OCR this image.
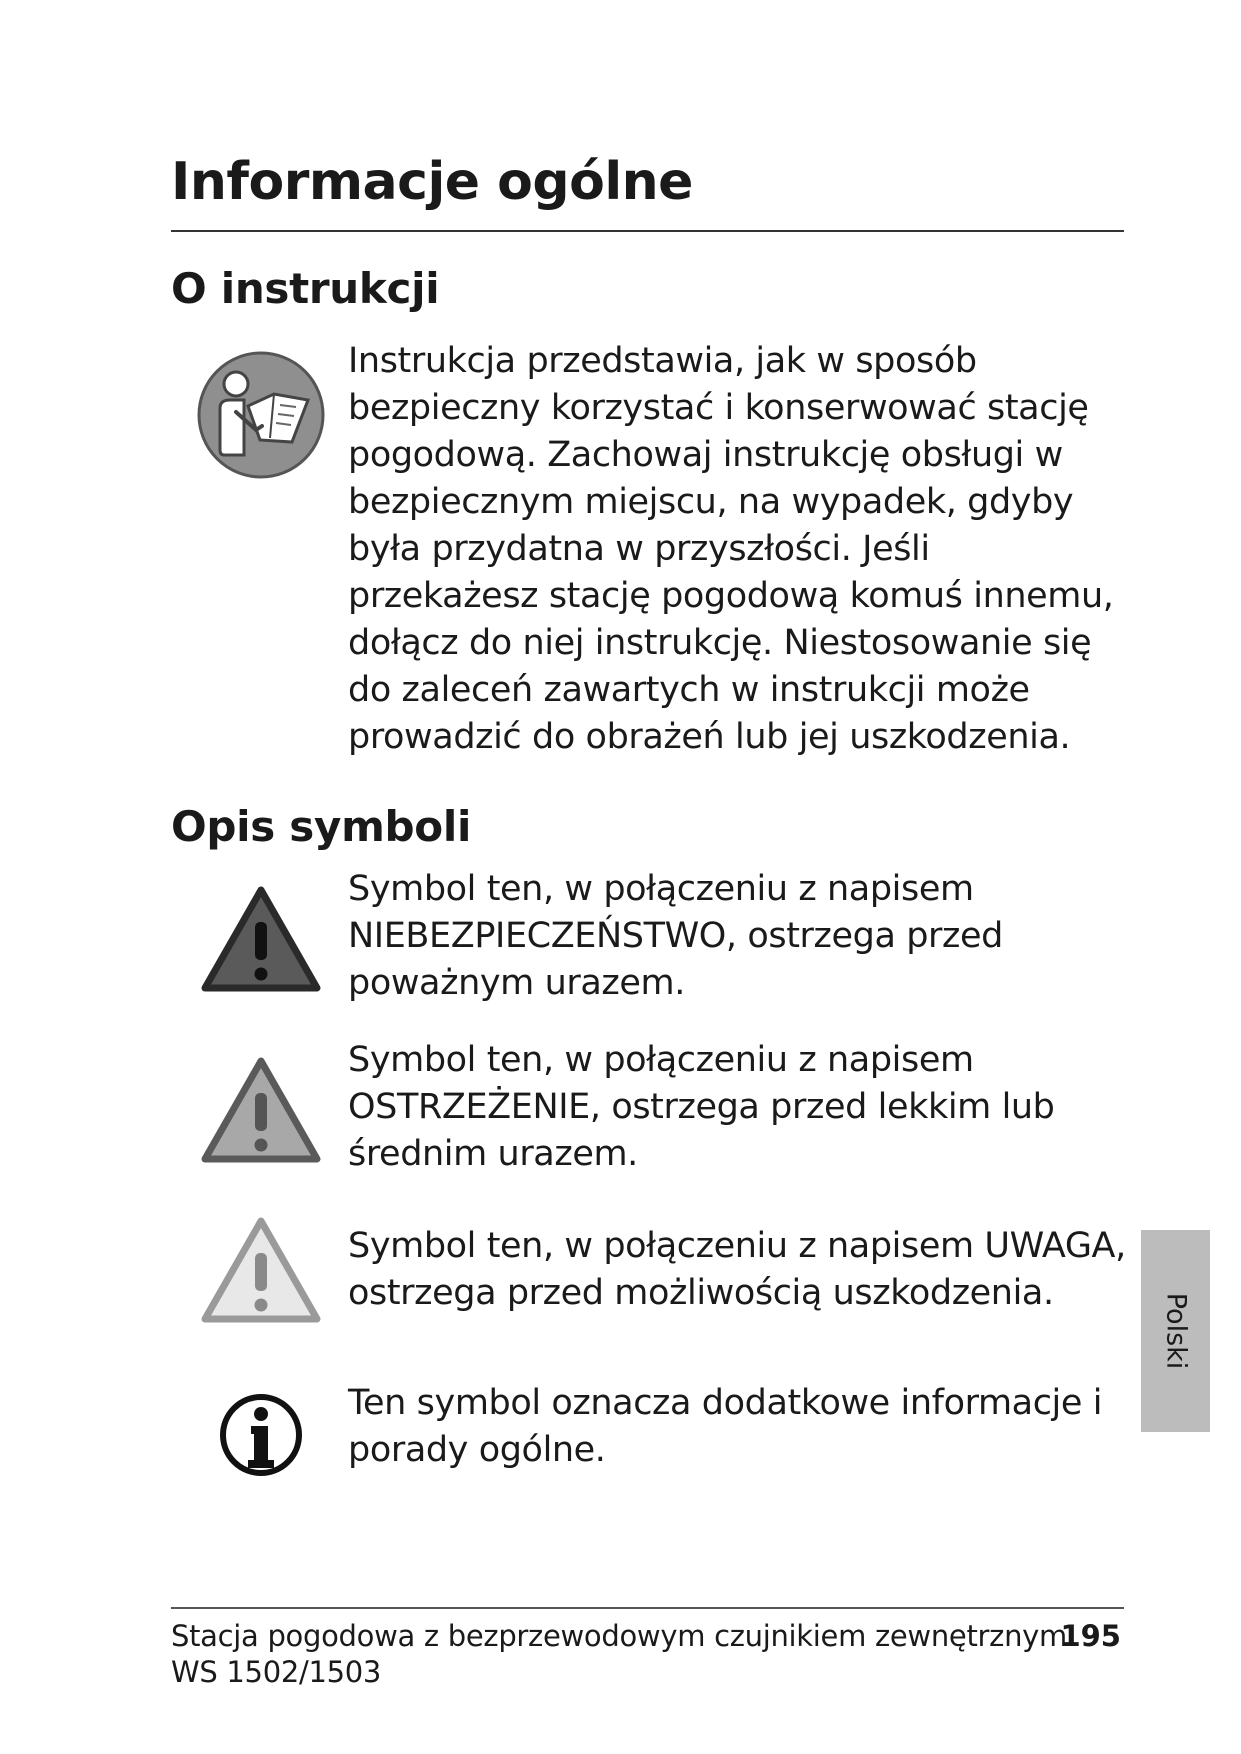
Informacje ogólne
O instrukcji

Instrukcja przedstawia, jak w sposób bezpieczny korzystać i konserwować stację pogodową. Zachowaj instrukcję obsługi w bezpiecznym miejscu, na wypadek, gdyby była przydatna w przyszłości. Jeśli przekażesz stację pogodową komuś innemu, dołącz do niej instrukcję. Niestosowanie się do zaleceń zawartych w instrukcji może prowadzić do obrażeń lub jej uszkodzenia.

Opis symboli

Symbol ten, w połączeniu z napisem NIEBEZPIECZEŃSTWO, ostrzega przed poważnym urazem.

Symbol ten, w połączeniu z napisem OSTRZEŻENIE, ostrzega przed lekkim lub średnim urazem.

Symbol ten, w połączeniu z napisem UWAGA, ostrzega przed możliwością uszkodzenia.

Ten symbol oznacza dodatkowe informacje i porady ogólne.

Polski

Stacja pogodowa z bezprzewodowym czujnikiem zewnętrznym

WS 1502/1503

195
